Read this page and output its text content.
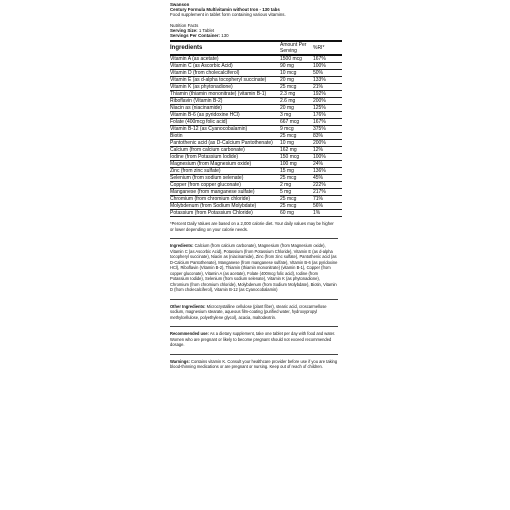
Swanson
Century Formula Multivitamin without Iron - 130 tabs
Food supplement in tablet form containing various vitamins.
Nutrition Facts
Serving Size: 1 Tablet
Servings Per Container: 130
Ingredients	Amount Per Serving	%RI*
Vitamin A (as acetate)	1500 mcg	167%
Vitamin C (as Ascorbic Acid)	90 mg	100%
Vitamin D (from cholecalciferol)	10 mcg	50%
Vitamin E (as d-alpha tocopheryl succinate)	20 mg	133%
Vitamin K (as phytonadione)	25 mcg	21%
Thiamin (thiamin mononitrate) (vitamin B-1)	2.3 mg	192%
Riboflavin (Vitamin B-2)	2.6 mg	200%
Niacin as (niacinamide)	20 mg	125%
Vitamin B-6 (as pyridoxine HCl)	3 mg	176%
Folate (400mcg folic acid)	667 mcg	167%
Vitamin B-12 (as Cyanocobalamin)	9 mcg	375%
Biotin	25 mcg	83%
Pantothenic acid (as D-Calcium Pantothenate)	10 mg	200%
Calcium (from calcium carbonate)	162 mg	12%
Iodine (from Potassium Iodide)	150 mcg	100%
Magnesium (from Magnesium oxide)	100 mg	24%
Zinc (from zinc sulfate)	15 mg	136%
Selenium (from sodium selenate)	25 mcg	45%
Copper (from copper gluconate)	2 mg	222%
Manganese (from manganese sulfate)	5 mg	217%
Chromium (from chromium chloride)	25 mcg	71%
Molybdenum (from Sodium Molybdate)	25 mcg	56%
Potassium (from Potassium Chloride)	60 mg	1%
*Percent Daily Values are based on a 2,000 calorie diet. Your daily values may be higher or lower depending on your calorie needs.
Ingredients: Calcium (from calcium carbonate), Magnesium (from Magnesium oxide), Vitamin C (as Ascorbic Acid), Potassium (from Potassium Chloride), Vitamin E (as d-alpha tocopheryl succinate), Niacin as (niacinamide), Zinc (from zinc sulfate), Pantothenic acid (as D-Calcium Pantothenate), Manganese (from manganese sulfate), Vitamin B-6 (as pyridoxine HCl), Riboflavin (Vitamin B-2), Thiamin (thiamin mononitrate) (vitamin B-1), Copper (from copper gluconate), Vitamin A (as acetate), Folate (400mcg folic acid), Iodine (from Potassium Iodide), Selenium (from sodium selenate), Vitamin K (as phytonadione), Chromium (from chromium chloride), Molybdenum (from Sodium Molybdate), Biotin, Vitamin D (from cholecalciferol), Vitamin B-12 (as Cyanocobalamin)
Other Ingredients: Microcrystalline cellulose (plant fiber), stearic acid, croscarmellose sodium, magnesium stearate, aqueous film-coating (purified water, hydroxypropyl methylcellulose, polyethylene glycol), acacia, maltodextrin.
Recommended use: As a dietary supplement, take one tablet per day with food and water. Women who are pregnant or likely to become pregnant should not exceed recommended dosage.
Warnings: Contains vitamin K. Consult your healthcare provider before use if you are taking blood-thinning medications or are pregnant or nursing. Keep out of reach of children.
